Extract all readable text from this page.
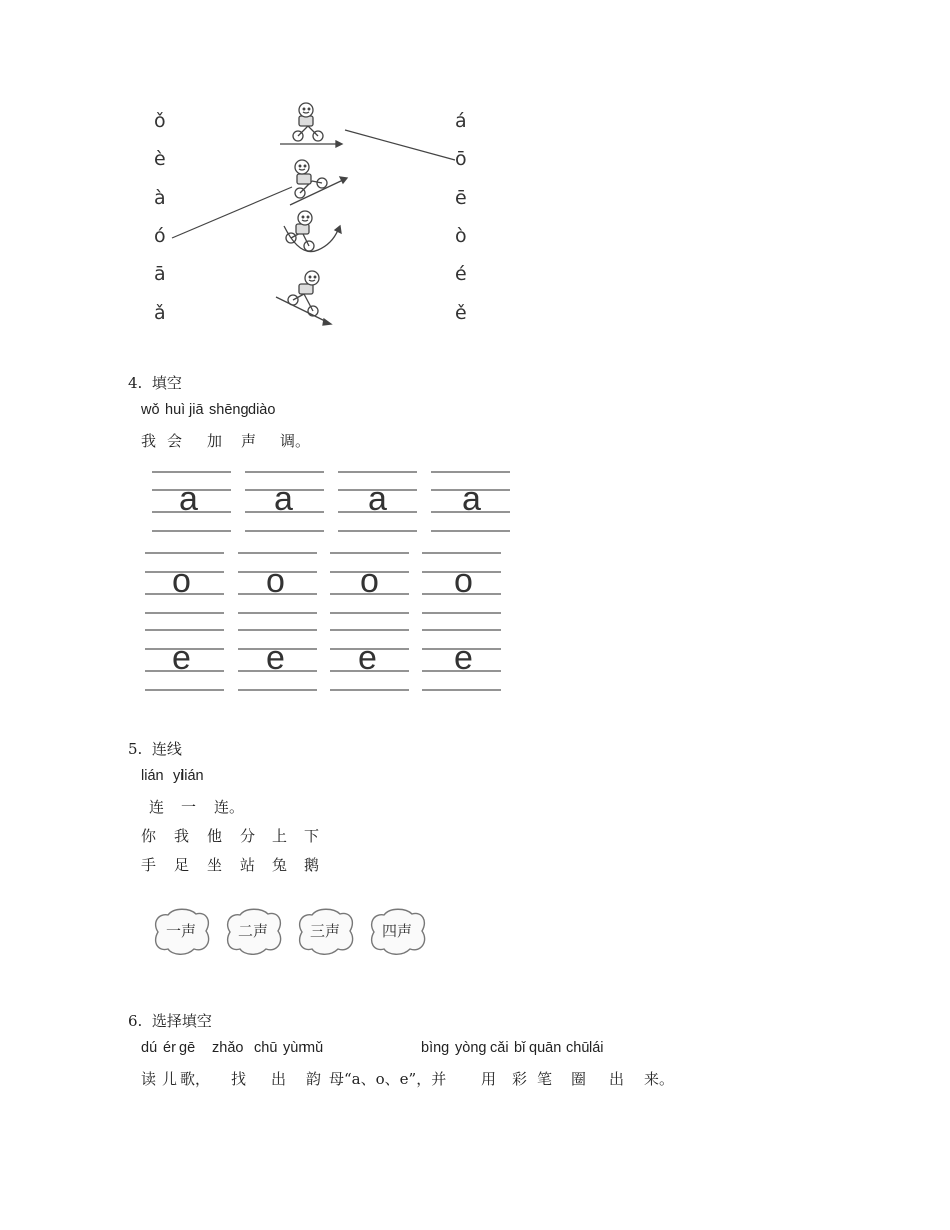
ǒ
è
à
ó
ā
ǎ
á
ō
ē
ò
é
ě
4. 填空
wǒ huì jiā shēng diào
我 会 加 声 调。
a a a a
o o o o
e e e e
5. 连线
lián yi
lián
连 一 连。
你 我 他 分 上 下
手 足 坐 站 兔 鹅
一声	二声	三声	四声
6. 选择填空
dú ér gē zhǎo chū yùn
mǔ	bìng yòng cǎi bǐ quān chū lái
读 儿 歌， 找 出 韵 母“a、o、e”，并 用 彩 笔 圈 出 来。
